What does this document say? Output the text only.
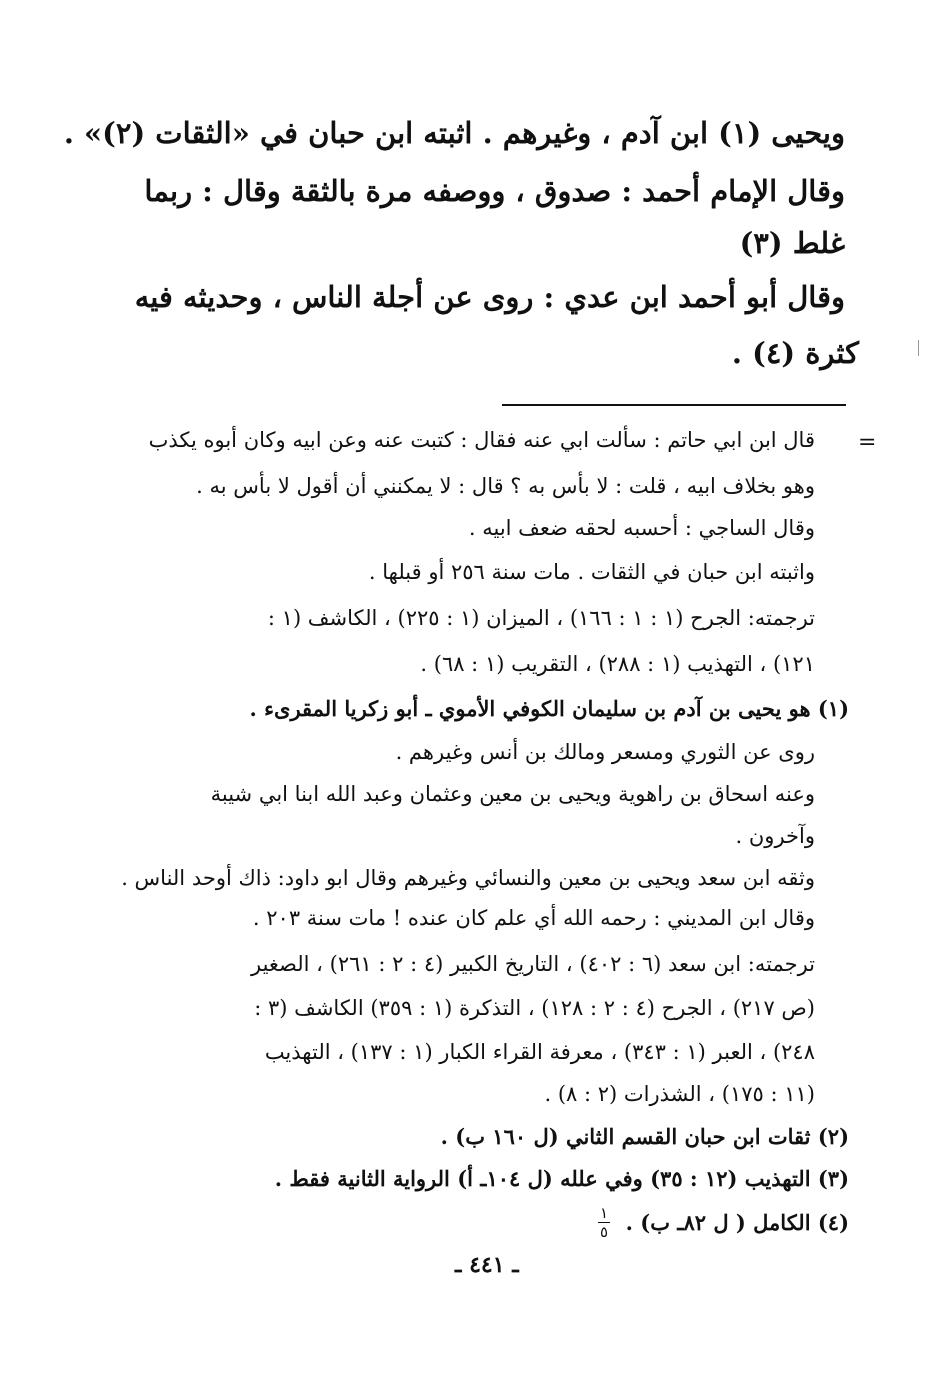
ويحيى (١) ابن آدم ، وغيرهم . اثبته ابن حبان في «الثقات (٢)» .
وقال الإمام أحمد : صدوق ، ووصفه مرة بالثقة وقال : ربما
غلط (٣)
وقال أبو أحمد ابن عدي : روى عن أجلة الناس ، وحديثه فيه
كثرة (٤) .
=
قال ابن ابي حاتم : سألت ابي عنه فقال : كتبت عنه وعن ابيه وكان أبوه يكذب
وهو بخلاف ابيه ، قلت : لا بأس به ؟ قال : لا يمكنني أن أقول لا بأس به .
وقال الساجي : أحسبه لحقه ضعف ابيه .
واثبته ابن حبان في الثقات . مات سنة ٢٥٦ أو قبلها .
ترجمته: الجرح (١ : ١ : ١٦٦) ، الميزان (١ : ٢٢٥) ، الكاشف (١ :
١٢١) ، التهذيب (١ : ٢٨٨) ، التقريب (١ : ٦٨) .
(١) هو يحيى بن آدم بن سليمان الكوفي الأموي ـ أبو زكريا المقرىء .
روى عن الثوري ومسعر ومالك بن أنس وغيرهم .
وعنه اسحاق بن راهوية ويحيى بن معين وعثمان وعبد الله ابنا ابي شيبة
وآخرون .
وثقه ابن سعد ويحيى بن معين والنسائي وغيرهم وقال ابو داود: ذاك أوحد الناس .
وقال ابن المديني : رحمه الله أي علم كان عنده ! مات سنة ٢٠٣ .
ترجمته: ابن سعد (٦ : ٤٠٢) ، التاريخ الكبير (٤ : ٢ : ٢٦١) ، الصغير
(ص ٢١٧) ، الجرح (٤ : ٢ : ١٢٨) ، التذكرة (١ : ٣٥٩) الكاشف (٣ :
٢٤٨) ، العبر (١ : ٣٤٣) ، معرفة القراء الكبار (١ : ١٣٧) ، التهذيب
(١١ : ١٧٥) ، الشذرات (٢ : ٨) .
(٢) ثقات ابن حبان القسم الثاني (ل ١٦٠ ب) .
(٣) التهذيب (١٢ : ٣٥) وفي علله (ل ١٠٤ـ أ) الرواية الثانية فقط .
(٤) الكامل ( ل ٨٢ـ ب) .
١
٥
ـ ٤٤١ ـ
